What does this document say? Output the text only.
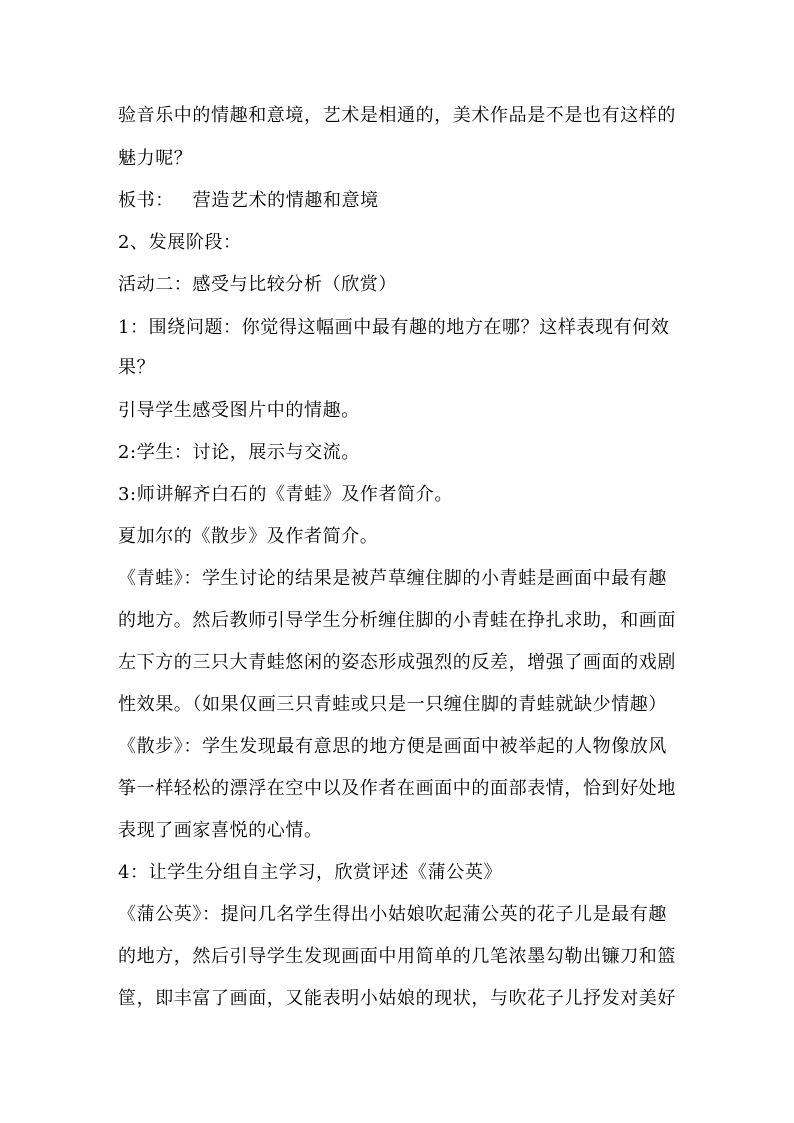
验音乐中的情趣和意境，艺术是相通的，美术作品是不是也有这样的
魅力呢？
板书：   营造艺术的情趣和意境
2、发展阶段：
活动二：感受与比较分析（欣赏）
1：围绕问题：你觉得这幅画中最有趣的地方在哪？这样表现有何效
果？
引导学生感受图片中的情趣。
2:学生：讨论，展示与交流。
3:师讲解齐白石的《青蛙》及作者简介。
夏加尔的《散步》及作者简介。
《青蛙》：学生讨论的结果是被芦草缠住脚的小青蛙是画面中最有趣
的地方。然后教师引导学生分析缠住脚的小青蛙在挣扎求助，和画面
左下方的三只大青蛙悠闲的姿态形成强烈的反差，增强了画面的戏剧
性效果。（如果仅画三只青蛙或只是一只缠住脚的青蛙就缺少情趣）
《散步》：学生发现最有意思的地方便是画面中被举起的人物像放风
筝一样轻松的漂浮在空中以及作者在画面中的面部表情，恰到好处地
表现了画家喜悦的心情。
4：让学生分组自主学习，欣赏评述《蒲公英》
《蒲公英》：提问几名学生得出小姑娘吹起蒲公英的花子儿是最有趣
的地方，然后引导学生发现画面中用简单的几笔浓墨勾勒出镰刀和篮
筐，即丰富了画面，又能表明小姑娘的现状，与吹花子儿抒发对美好
